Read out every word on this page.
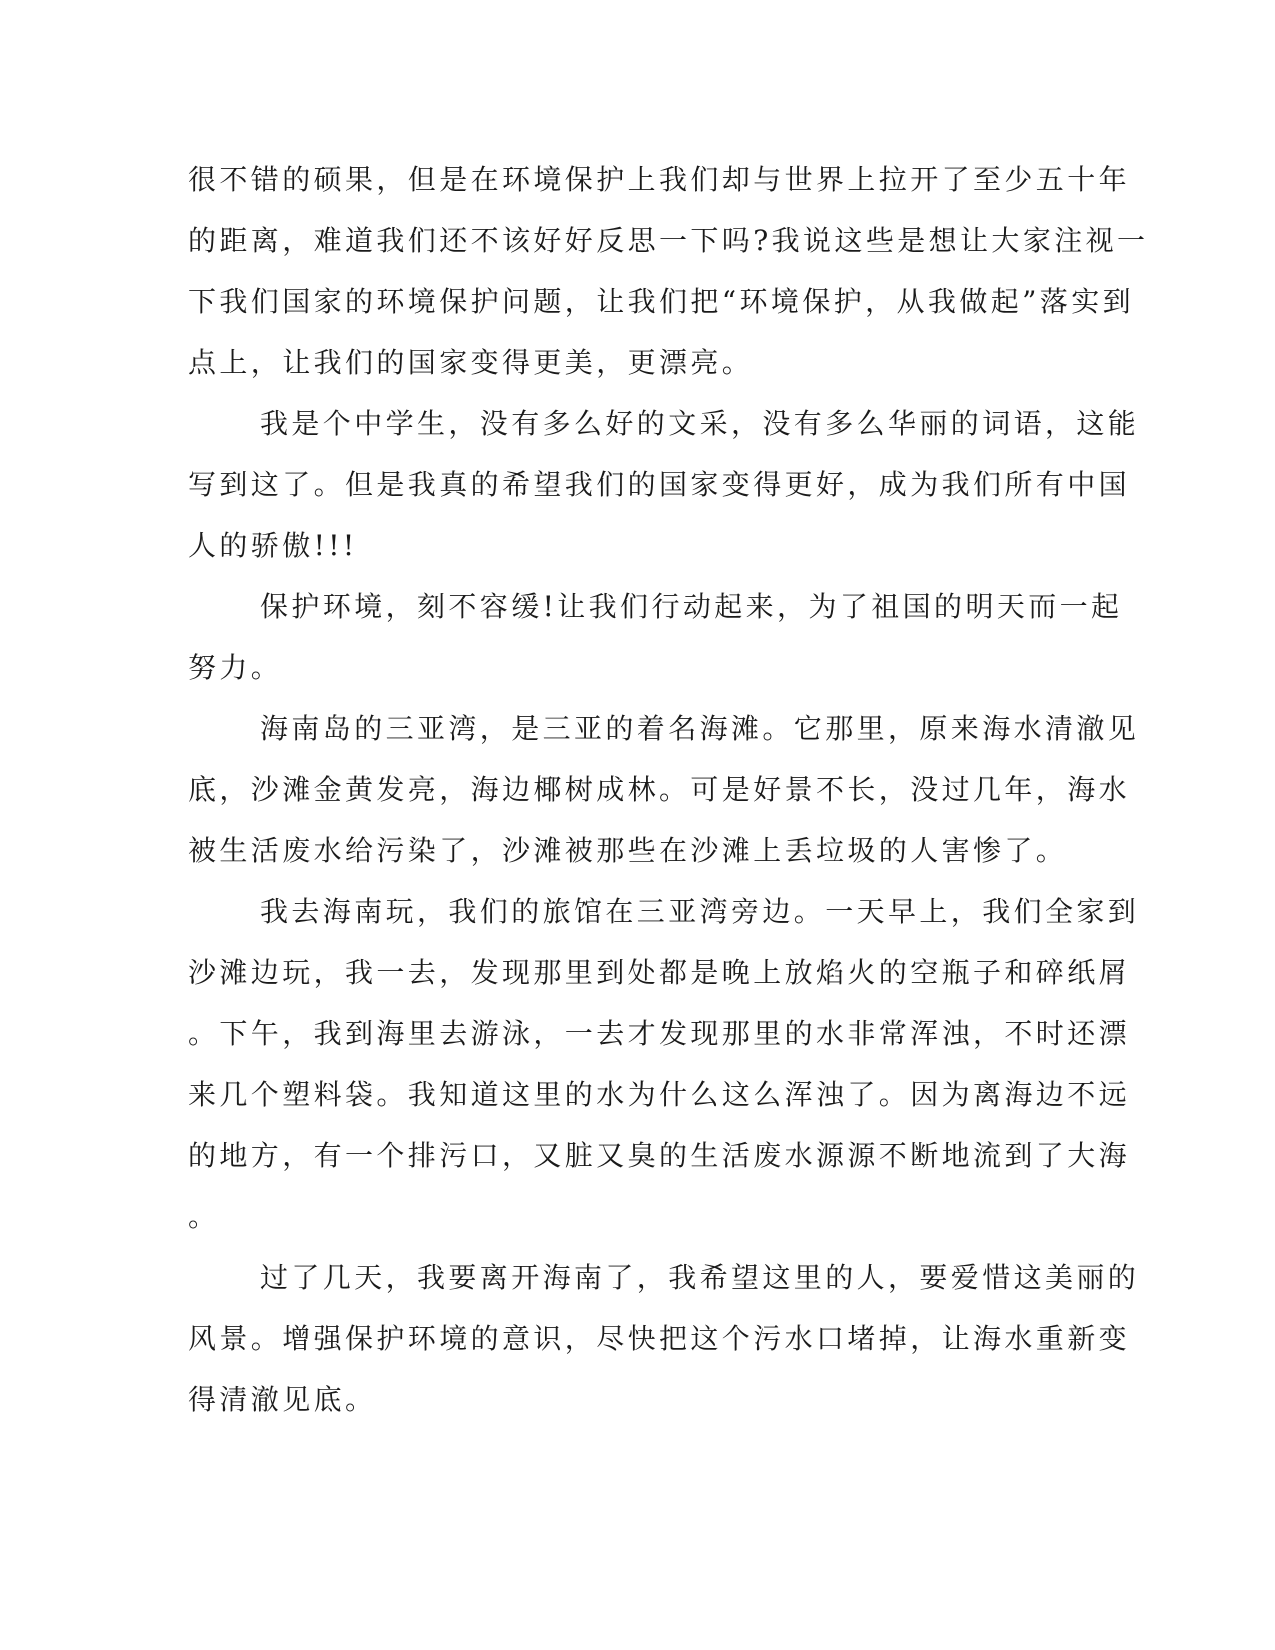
很不错的硕果，但是在环境保护上我们却与世界上拉开了至少五十年

的距离，难道我们还不该好好反思一下吗?我说这些是想让大家注视一

下我们国家的环境保护问题，让我们把“环境保护，从我做起”落实到

点上，让我们的国家变得更美，更漂亮。

我是个中学生，没有多么好的文采，没有多么华丽的词语，这能

写到这了。但是我真的希望我们的国家变得更好，成为我们所有中国

人的骄傲!!!

保护环境，刻不容缓!让我们行动起来，为了祖国的明天而一起

努力。

海南岛的三亚湾，是三亚的着名海滩。它那里，原来海水清澈见

底，沙滩金黄发亮，海边椰树成林。可是好景不长，没过几年，海水

被生活废水给污染了，沙滩被那些在沙滩上丢垃圾的人害惨了。

我去海南玩，我们的旅馆在三亚湾旁边。一天早上，我们全家到

沙滩边玩，我一去，发现那里到处都是晚上放焰火的空瓶子和碎纸屑

。下午，我到海里去游泳，一去才发现那里的水非常浑浊，不时还漂

来几个塑料袋。我知道这里的水为什么这么浑浊了。因为离海边不远

的地方，有一个排污口，又脏又臭的生活废水源源不断地流到了大海

。

过了几天，我要离开海南了，我希望这里的人，要爱惜这美丽的

风景。增强保护环境的意识，尽快把这个污水口堵掉，让海水重新变

得清澈见底。
